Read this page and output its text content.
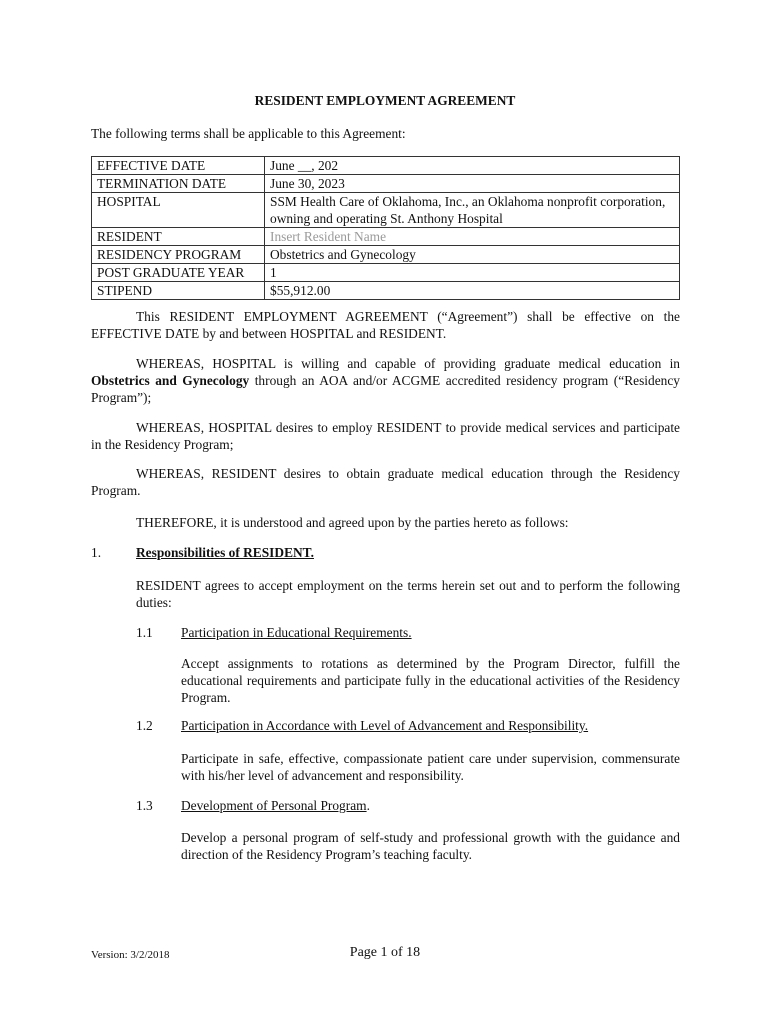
RESIDENT EMPLOYMENT AGREEMENT
The following terms shall be applicable to this Agreement:
EFFECTIVE DATE	June __, 202
TERMINATION DATE	June 30, 2023
HOSPITAL	SSM Health Care of Oklahoma, Inc., an Oklahoma nonprofit corporation, owning and operating St. Anthony Hospital
RESIDENT	Insert Resident Name
RESIDENCY PROGRAM	Obstetrics and Gynecology
POST GRADUATE YEAR	1
STIPEND	$55,912.00
This RESIDENT EMPLOYMENT AGREEMENT (“Agreement”) shall be effective on the EFFECTIVE DATE by and between HOSPITAL and RESIDENT.
WHEREAS, HOSPITAL is willing and capable of providing graduate medical education in Obstetrics and Gynecology through an AOA and/or ACGME accredited residency program (“Residency Program”);
WHEREAS, HOSPITAL desires to employ RESIDENT to provide medical services and participate in the Residency Program;
WHEREAS, RESIDENT desires to obtain graduate medical education through the Residency Program.
THEREFORE, it is understood and agreed upon by the parties hereto as follows:
1.	Responsibilities of RESIDENT.
RESIDENT agrees to accept employment on the terms herein set out and to perform the following duties:
1.1 Participation in Educational Requirements.
Accept assignments to rotations as determined by the Program Director, fulfill the educational requirements and participate fully in the educational activities of the Residency Program.
1.2 Participation in Accordance with Level of Advancement and Responsibility.
Participate in safe, effective, compassionate patient care under supervision, commensurate with his/her level of advancement and responsibility.
1.3 Development of Personal Program.
Develop a personal program of self-study and professional growth with the guidance and direction of the Residency Program’s teaching faculty.
Version: 3/2/2018	Page 1 of 18
